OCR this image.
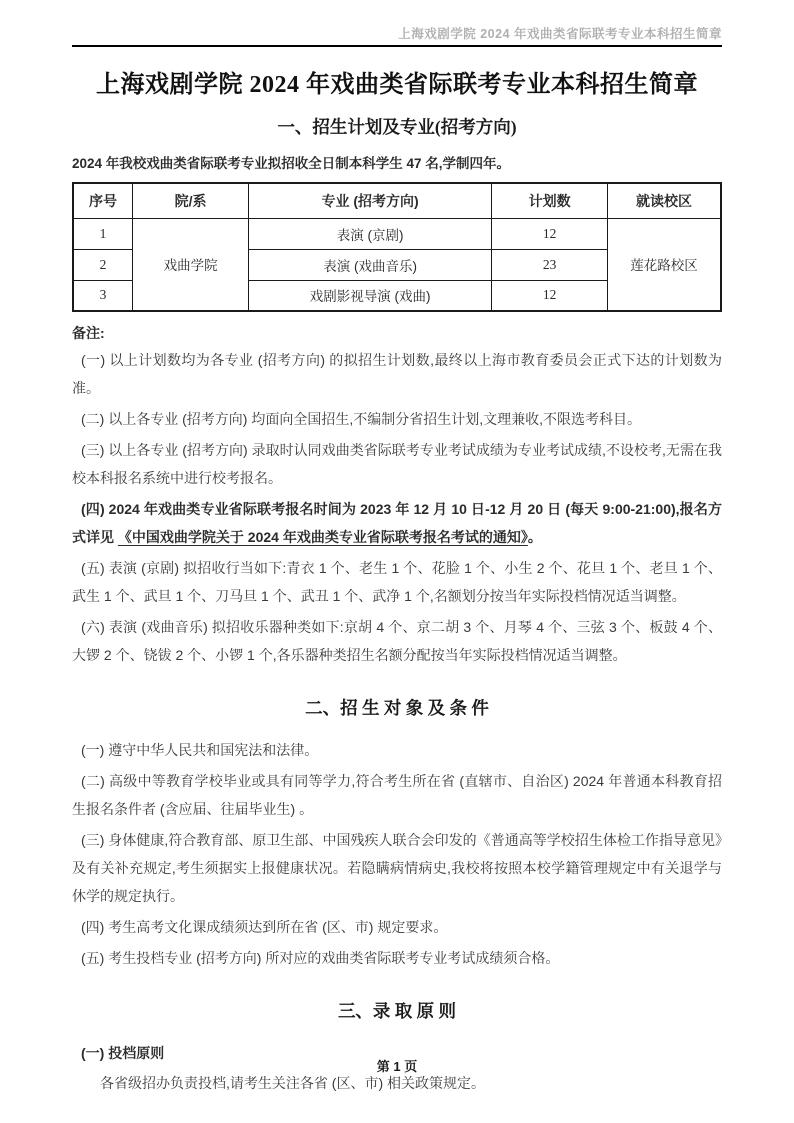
上海戏剧学院 2024 年戏曲类省际联考专业本科招生简章
上海戏剧学院 2024 年戏曲类省际联考专业本科招生简章
一、招生计划及专业(招考方向)

2024 年我校戏曲类省际联考专业拟招收全日制本科学生 47 名,学制四年。

序号	院/系	专业 (招考方向)	计划数	就读校区
1	戏曲学院	表演 (京剧)	12	莲花路校区
2		表演 (戏曲音乐)	23	
3		戏剧影视导演 (戏曲)	12	

备注:

(一) 以上计划数均为各专业 (招考方向) 的拟招生计划数,最终以上海市教育委员会正式下达的计划数为准。

(二) 以上各专业 (招考方向) 均面向全国招生,不编制分省招生计划,文理兼收,不限选考科目。

(三) 以上各专业 (招考方向) 录取时认同戏曲类省际联考专业考试成绩为专业考试成绩,不设校考,无需在我校本科报名系统中进行校考报名。

(四) 2024 年戏曲类专业省际联考报名时间为 2023 年 12 月 10 日-12 月 20 日 (每天 9:00-21:00),报名方式详见 《中国戏曲学院关于 2024 年戏曲类专业省际联考报名考试的通知》。

(五) 表演 (京剧) 拟招收行当如下:青衣 1 个、老生 1 个、花脸 1 个、小生 2 个、花旦 1 个、老旦 1 个、武生 1 个、武旦 1 个、刀马旦 1 个、武丑 1 个、武净 1 个,名额划分按当年实际投档情况适当调整。

(六) 表演 (戏曲音乐) 拟招收乐器种类如下:京胡 4 个、京二胡 3 个、月琴 4 个、三弦 3 个、板鼓 4 个、大锣 2 个、铙钹 2 个、小锣 1 个,各乐器种类招生名额分配按当年实际投档情况适当调整。

二、招 生 对 象 及 条 件

(一) 遵守中华人民共和国宪法和法律。

(二) 高级中等教育学校毕业或具有同等学力,符合考生所在省 (直辖市、自治区) 2024 年普通本科教育招生报名条件者 (含应届、往届毕业生) 。

(三) 身体健康,符合教育部、原卫生部、中国残疾人联合会印发的《普通高等学校招生体检工作指导意见》及有关补充规定,考生须据实上报健康状况。若隐瞒病情病史,我校将按照本校学籍管理规定中有关退学与休学的规定执行。

(四) 考生高考文化课成绩须达到所在省 (区、市) 规定要求。

(五) 考生投档专业 (招考方向) 所对应的戏曲类省际联考专业考试成绩须合格。

三、录 取 原 则

(一) 投档原则

各省级招办负责投档,请考生关注各省 (区、市) 相关政策规定。

第 1 页
